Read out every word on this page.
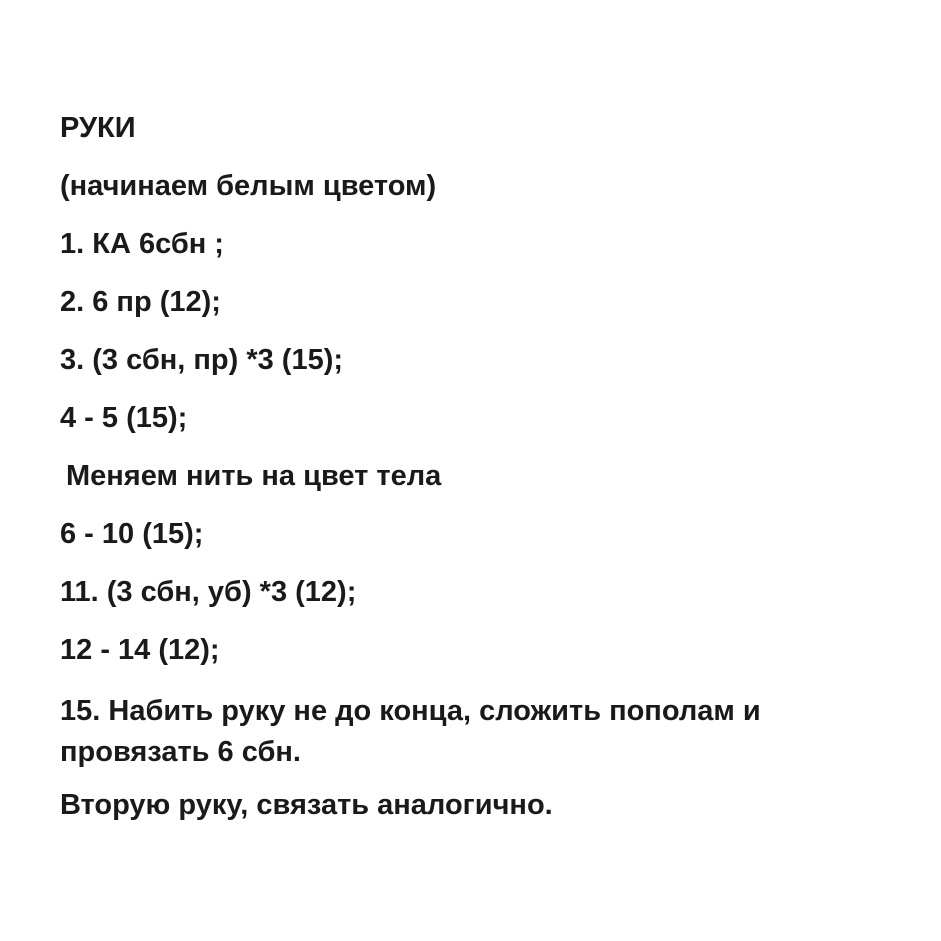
РУКИ
(начинаем белым цветом)
1. КА 6сбн ;
2. 6 пр (12);
3. (3 сбн, пр) *3 (15);
4 - 5 (15);
Меняем нить на цвет тела
6 - 10 (15);
11. (3 сбн, уб) *3 (12);
12 - 14 (12);
15. Набить руку не до конца, сложить пополам и провязать 6 сбн.
Вторую руку, связать аналогично.
